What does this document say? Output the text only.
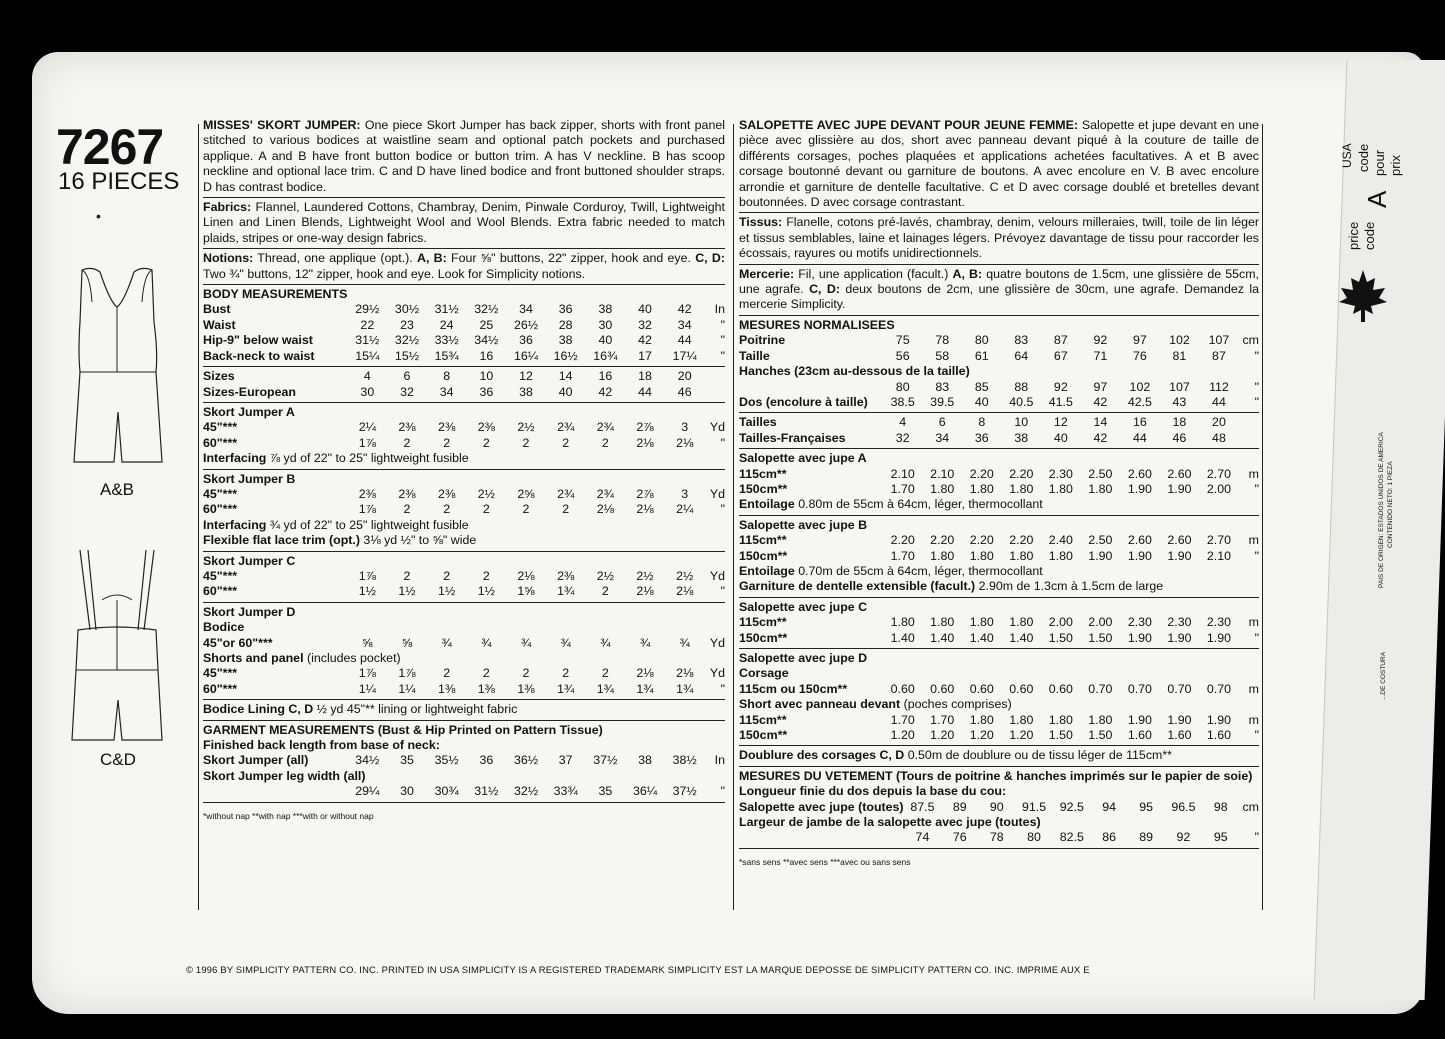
7267
16 PIECES
•
A&B
C&D
MISSES' SKORT JUMPER: One piece Skort Jumper has back zipper, shorts with front panel stitched to various bodices at waistline seam and optional patch pockets and purchased applique. A and B have front button bodice or button trim. A has V neckline. B has scoop neckline and optional lace trim. C and D have lined bodice and front buttoned shoulder straps. D has contrast bodice.
Fabrics: Flannel, Laundered Cottons, Chambray, Denim, Pinwale Corduroy, Twill, Lightweight Linen and Linen Blends, Lightweight Wool and Wool Blends. Extra fabric needed to match plaids, stripes or one-way design fabrics.
Notions: Thread, one applique (opt.). A, B: Four ⅝" buttons, 22" zipper, hook and eye. C, D: Two ¾" buttons, 12" zipper, hook and eye. Look for Simplicity notions.
BODY MEASUREMENTS
Bust	29½	30½	31½	32½	34	36	38	40	42	In
Waist	22	23	24	25	26½	28	30	32	34	"

Hip-9" below waist	31½	32½	33½	34½	36	38	40	42	44	"
Back-neck to waist	15¼	15½	15¾	16	16¼	16½	16¾	17	17¼	"
Sizes	4	6	8	10	12	14	16	18	20	
Sizes-European	30	32	34	36	38	40	42	44	46	
Skort Jumper A
45"***	2¼	2⅜	2⅜	2⅜	2½	2¾	2¾	2⅞	3	Yd
60"***	1⅞	2	2	2	2	2	2	2⅛	2⅛	"
Interfacing ⅞ yd of 22" to 25" lightweight fusible
Skort Jumper B
45"***	2⅜	2⅜	2⅜	2½	2⅝	2¾	2¾	2⅞	3	Yd
60"***	1⅞	2	2	2	2	2	2⅛	2⅛	2¼	"
Interfacing ¾ yd of 22" to 25" lightweight fusible
Flexible flat lace trim (opt.) 3⅛ yd ½" to ⅝" wide
Skort Jumper C
45"***	1⅞	2	2	2	2⅛	2⅜	2½	2½	2½	Yd
60"***	1½	1½	1½	1½	1⅝	1¾	2	2⅛	2⅛	"
Skort Jumper D
Bodice
45"or 60"***	⅝	⅝	¾	¾	¾	¾	¾	¾	¾	Yd
Shorts and panel (includes pocket)
45"***	1⅞	1⅞	2	2	2	2	2	2⅛	2⅛	Yd
60"***	1¼	1¼	1⅜	1⅜	1⅜	1¾	1¾	1¾	1¾	"
Bodice Lining C, D ½ yd 45"** lining or lightweight fabric
GARMENT MEASUREMENTS (Bust & Hip Printed on Pattern Tissue)
Finished back length from base of neck:
Skort Jumper (all)	34½	35	35½	36	36½	37	37½	38	38½	In
Skort Jumper leg width (all)										
	29¼	30	30¾	31½	32½	33¾	35	36¼	37½	"
*without nap **with nap ***with or without nap
SALOPETTE AVEC JUPE DEVANT POUR JEUNE FEMME: Salopette et jupe devant en une pièce avec glissière au dos, short avec panneau devant piqué à la couture de taille de différents corsages, poches plaquées et applications achetées facultatives. A et B avec corsage boutonné devant ou garniture de boutons. A avec encolure en V. B avec encolure arrondie et garniture de dentelle facultative. C et D avec corsage doublé et bretelles devant boutonnées. D avec corsage contrastant.
Tissus: Flanelle, cotons pré-lavés, chambray, denim, velours milleraies, twill, toile de lin léger et tissus semblables, laine et lainages légers. Prévoyez davantage de tissu pour raccorder les écossais, rayures ou motifs unidirectionnels.
Mercerie: Fil, une application (facult.) A, B: quatre boutons de 1.5cm, une glissière de 55cm, une agrafe. C, D: deux boutons de 2cm, une glissière de 30cm, une agrafe. Demandez la mercerie Simplicity.
MESURES NORMALISEES
Poitrine	75	78	80	83	87	92	97	102	107	cm
Taille	56	58	61	64	67	71	76	81	87	"
Hanches (23cm au-dessous de la taille)										
	80	83	85	88	92	97	102	107	112	"
Dos (encolure à taille)	38.5	39.5	40	40.5	41.5	42	42.5	43	44	"
Tailles	4	6	8	10	12	14	16	18	20	
Tailles-Françaises	32	34	36	38	40	42	44	46	48	
Salopette avec jupe A
115cm**	2.10	2.10	2.20	2.20	2.30	2.50	2.60	2.60	2.70	m
150cm**	1.70	1.80	1.80	1.80	1.80	1.80	1.90	1.90	2.00	"
Entoilage 0.80m de 55cm à 64cm, léger, thermocollant
Salopette avec jupe B
115cm**	2.20	2.20	2.20	2.20	2.40	2.50	2.60	2.60	2.70	m
150cm**	1.70	1.80	1.80	1.80	1.80	1.90	1.90	1.90	2.10	"
Entoilage 0.70m de 55cm à 64cm, léger, thermocollant
Garniture de dentelle extensible (facult.) 2.90m de 1.3cm à 1.5cm de large
Salopette avec jupe C
115cm**	1.80	1.80	1.80	1.80	2.00	2.00	2.30	2.30	2.30	m
150cm**	1.40	1.40	1.40	1.40	1.50	1.50	1.90	1.90	1.90	"
Salopette avec jupe D
Corsage
115cm ou 150cm**	0.60	0.60	0.60	0.60	0.60	0.70	0.70	0.70	0.70	m
Short avec panneau devant (poches comprises)
115cm**	1.70	1.70	1.80	1.80	1.80	1.80	1.90	1.90	1.90	m
150cm**	1.20	1.20	1.20	1.20	1.50	1.50	1.60	1.60	1.60	"
Doublure des corsages C, D 0.50m de doublure ou de tissu léger de 115cm**
MESURES DU VETEMENT (Tours de poitrine & hanches imprimés sur le papier de soie)
Longueur finie du dos depuis la base du cou:
Salopette avec jupe (toutes)	87.5	89	90	91.5	92.5	94	95	96.5	98	cm
Largeur de jambe de la salopette avec jupe (toutes)										
	74	76	78	80	82.5	86	89	92	95	"
*sans sens **avec sens ***avec ou sans sens
© 1996 BY SIMPLICITY PATTERN CO. INC. PRINTED IN USA SIMPLICITY IS A REGISTERED TRADEMARK SIMPLICITY EST LA MARQUE DEPOSSE DE SIMPLICITY PATTERN CO. INC. IMPRIME AUX E
USA code pour prix
price code
A
PAIS DE ORIGEN: ESTADOS UNIDOS DE AMERICA CONTENIDO NETO: 1 PIEZA
...DE COSTURA
